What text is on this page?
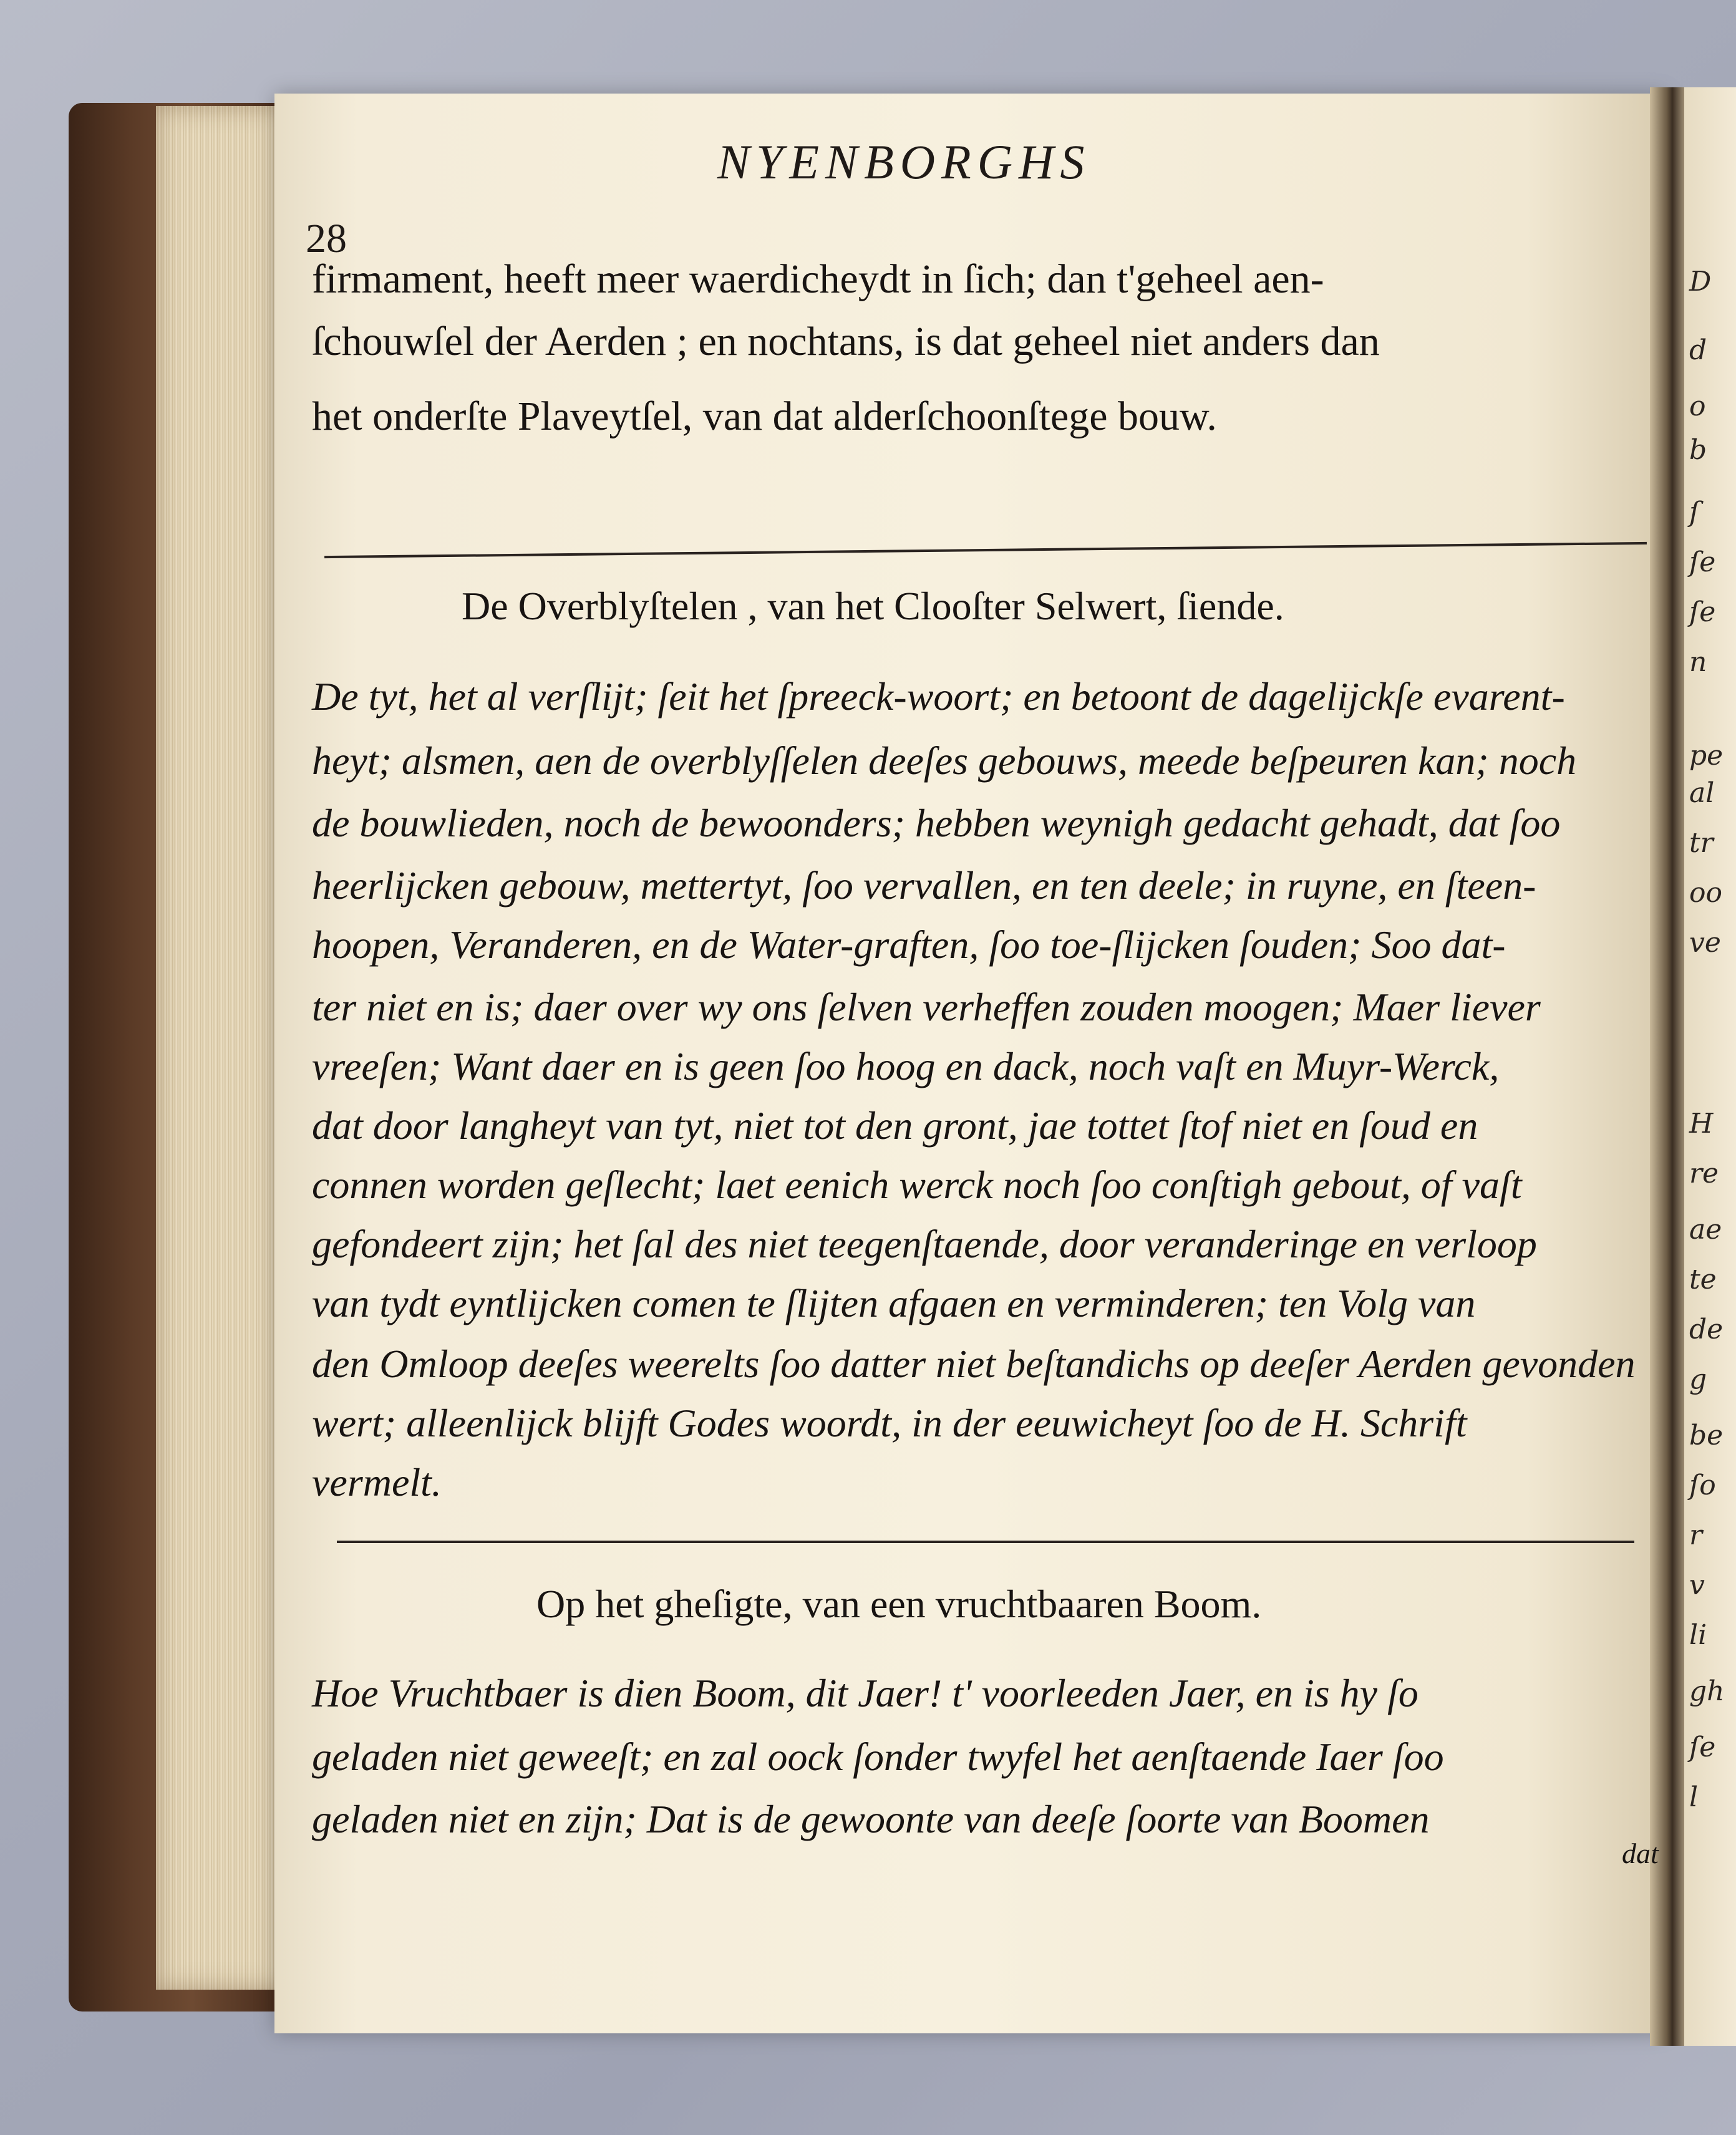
D
d
o
b
ſ
ſe
ſe
n
pe
al
tr
oo
ve
H
re
ae
te
de
g
be
ſo
r
v
li
gh
ſe
l
NYENBORGHS
28
firmament, heeft meer waerdicheydt in ſich; dan t'geheel aen-
ſchouwſel der Aerden ; en nochtans, is dat geheel niet anders dan
het onderſte Plaveytſel, van dat alderſchoonſtege bouw.
De Overblyſtelen , van het Clooſter Selwert, ſiende.
De tyt, het al verſlijt; ſeit het ſpreeck-woort; en betoont de dagelijckſe evarent-
heyt; alsmen, aen de overblyſſelen deeſes gebouws, meede beſpeuren kan; noch
de bouwlieden, noch de bewoonders; hebben weynigh gedacht gehadt, dat ſoo
heerlijcken gebouw, mettertyt, ſoo vervallen, en ten deele; in ruyne, en ſteen-
hoopen, Veranderen, en de Water-graften, ſoo toe-ſlijcken ſouden; Soo dat-
ter niet en is; daer over wy ons ſelven verheffen zouden moogen; Maer liever
vreeſen; Want daer en is geen ſoo hoog en dack, noch vaſt en Muyr-Werck,
dat door langheyt van tyt, niet tot den gront, jae tottet ſtof niet en ſoud en
connen worden geſlecht; laet eenich werck noch ſoo conſtigh gebout, of vaſt
gefondeert zijn; het ſal des niet teegenſtaende, door veranderinge en verloop
van tydt eyntlijcken comen te ſlijten afgaen en verminderen; ten Volg van
den Omloop deeſes weerelts ſoo datter niet beſtandichs op deeſer Aerden gevonden
wert; alleenlijck blijft Godes woordt, in der eeuwicheyt ſoo de H. Schrift
vermelt.
Op het gheſigte, van een vruchtbaaren Boom.
Hoe Vruchtbaer is dien Boom, dit Jaer! t' voorleeden Jaer, en is hy ſo
geladen niet geweeſt; en zal oock ſonder twyfel het aenſtaende Iaer ſoo
geladen niet en zijn; Dat is de gewoonte van deeſe ſoorte van Boomen
dat
